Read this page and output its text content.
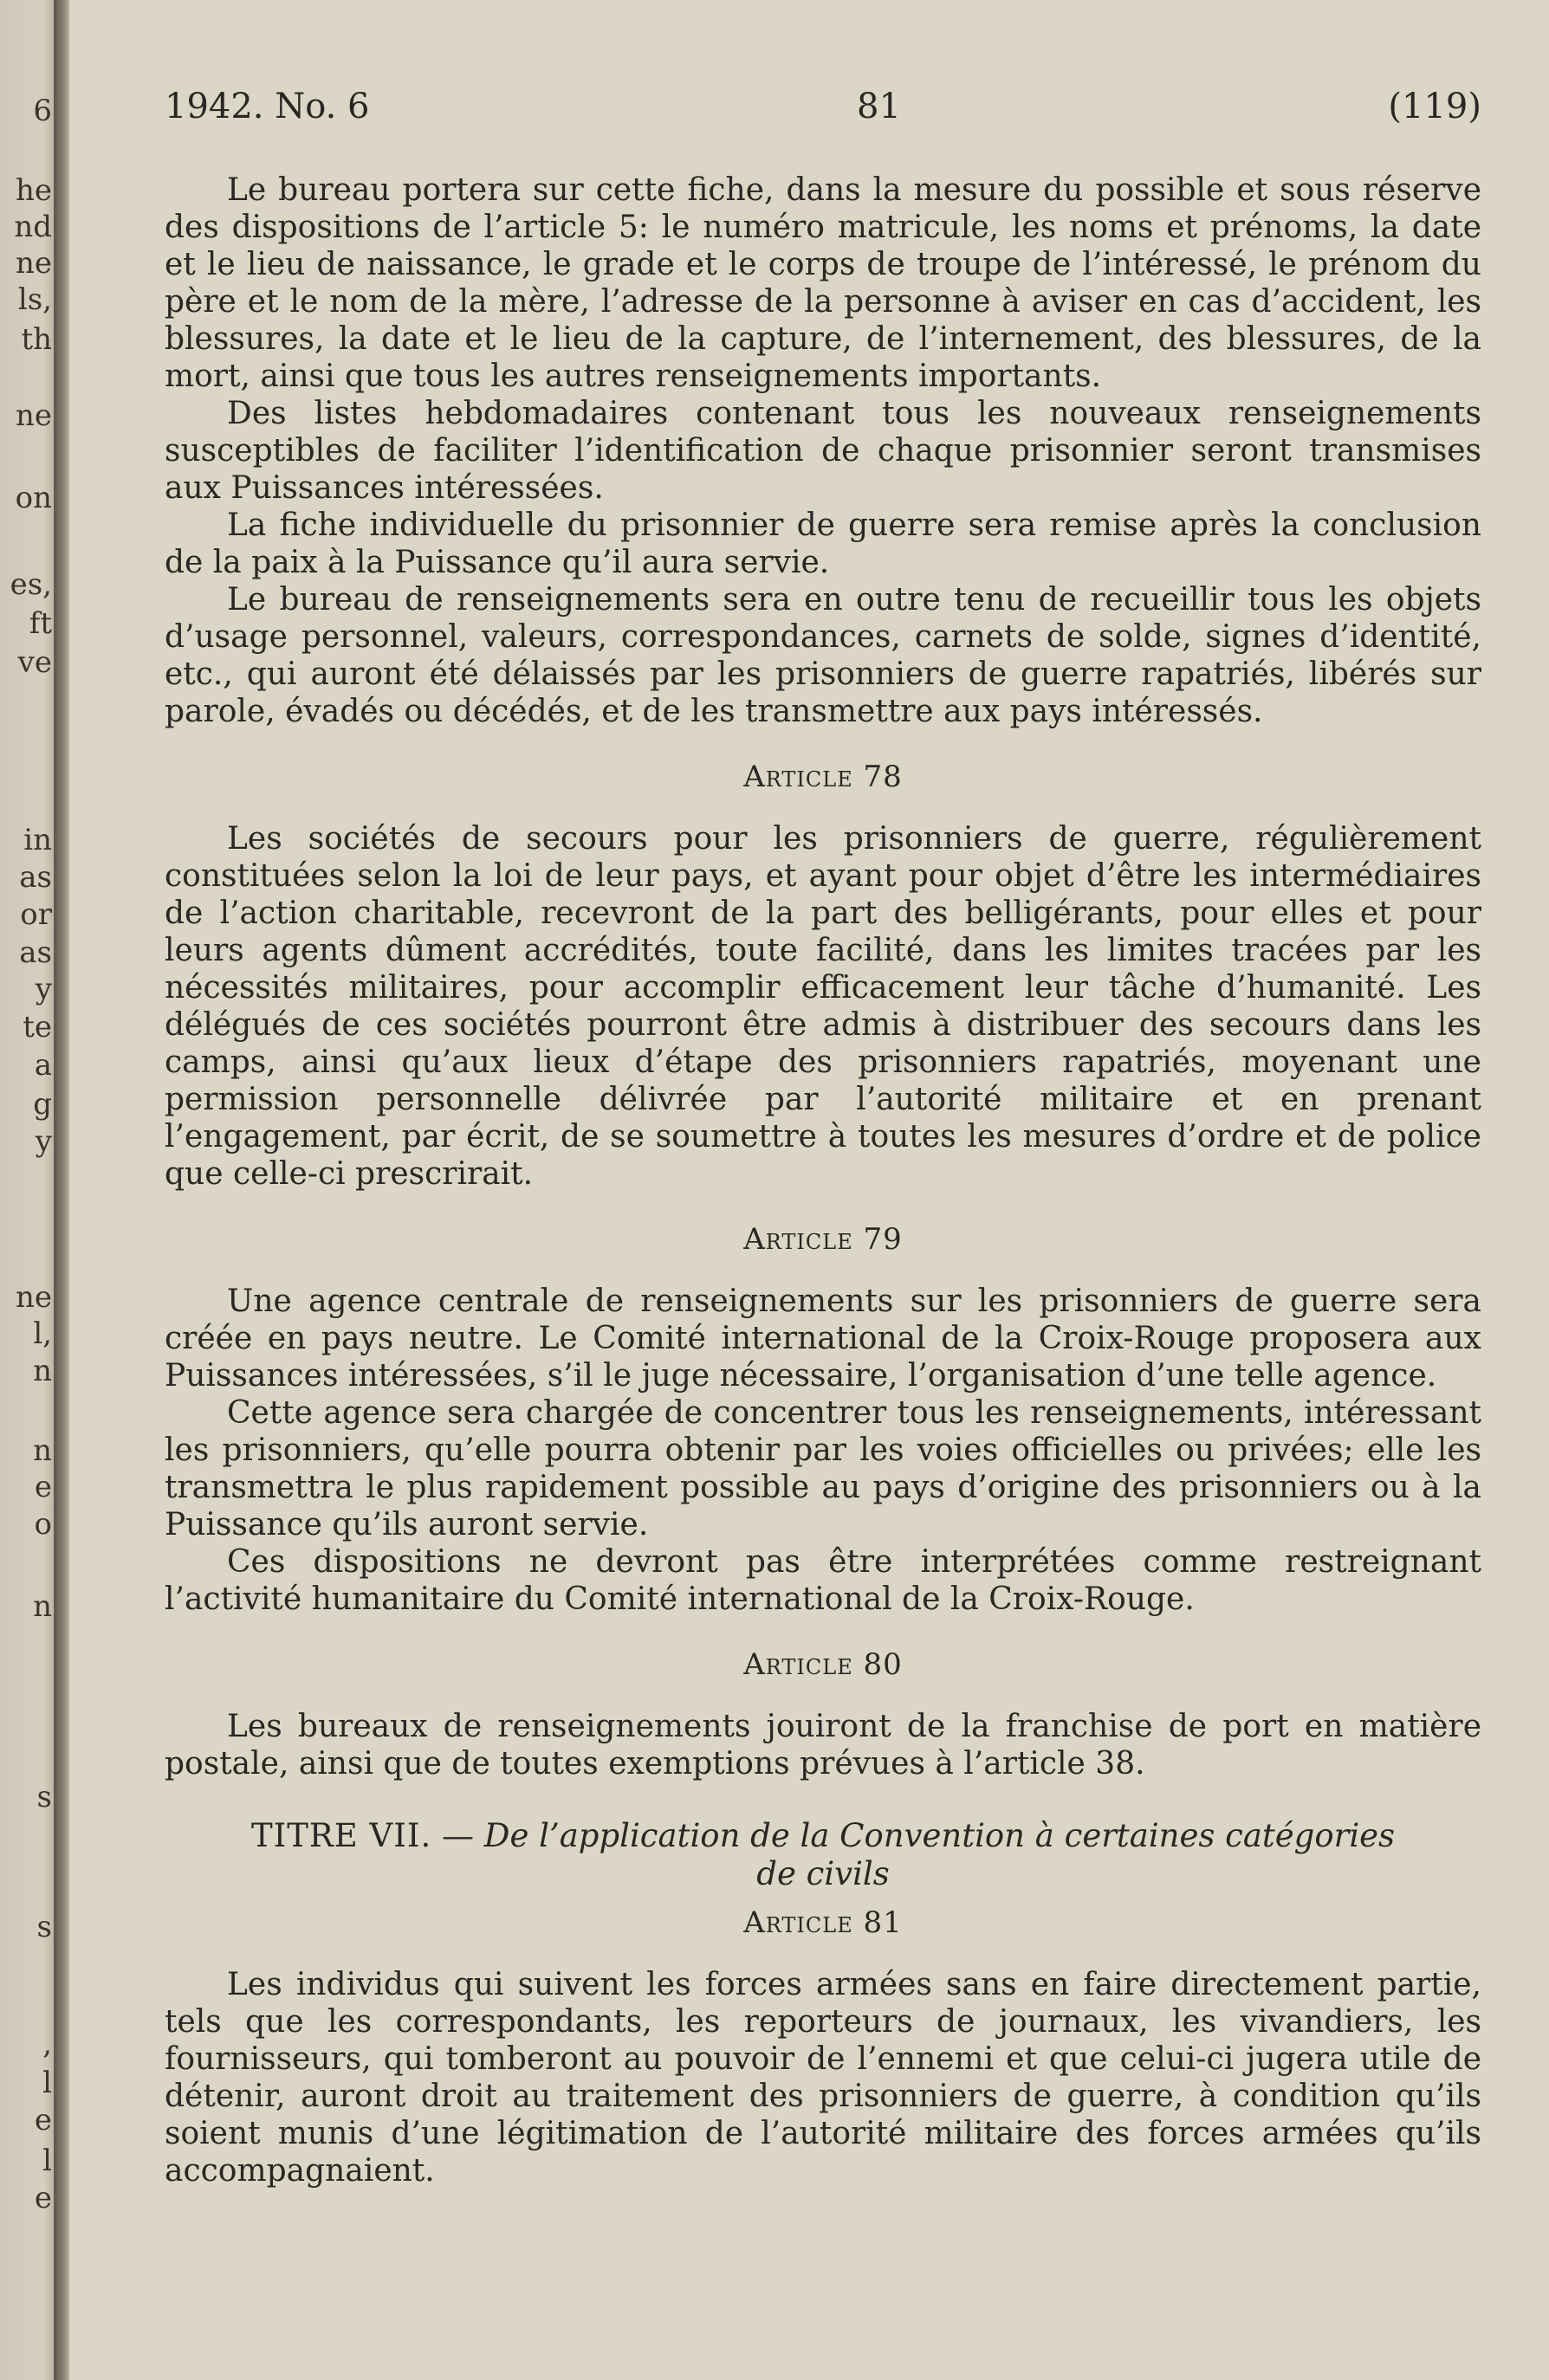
6
he
nd
ne
ls,
th
ne
on
es,
ft
ve
in
as
or
as
y
te
a
g
y
ne
l,
n
n
e
o
n
s
s
,
l
e
l
e
1942. No. 6	81	(119)

Le bureau portera sur cette fiche, dans la mesure du possible et sous réserve des dispositions de l’article 5: le numéro matricule, les noms et prénoms, la date et le lieu de naissance, le grade et le corps de troupe de l’intéressé, le prénom du père et le nom de la mère, l’adresse de la personne à aviser en cas d’accident, les blessures, la date et le lieu de la capture, de l’internement, des blessures, de la mort, ainsi que tous les autres renseignements importants.

Des listes hebdomadaires contenant tous les nouveaux renseignements susceptibles de faciliter l’identification de chaque prisonnier seront transmises aux Puissances intéressées.

La fiche individuelle du prisonnier de guerre sera remise après la conclusion de la paix à la Puissance qu’il aura servie.

Le bureau de renseignements sera en outre tenu de recueillir tous les objets d’usage personnel, valeurs, correspondances, carnets de solde, signes d’identité, etc., qui auront été délaissés par les prisonniers de guerre rapatriés, libérés sur parole, évadés ou décédés, et de les transmettre aux pays intéressés.

Article 78

Les sociétés de secours pour les prisonniers de guerre, régulièrement constituées selon la loi de leur pays, et ayant pour objet d’être les intermédiaires de l’action charitable, recevront de la part des belligérants, pour elles et pour leurs agents dûment accrédités, toute facilité, dans les limites tracées par les nécessités militaires, pour accomplir efficacement leur tâche d’humanité. Les délégués de ces sociétés pourront être admis à distribuer des secours dans les camps, ainsi qu’aux lieux d’étape des prisonniers rapatriés, moyenant une permission personnelle délivrée par l’autorité militaire et en prenant l’engagement, par écrit, de se soumettre à toutes les mesures d’ordre et de police que celle-ci prescrirait.

Article 79

Une agence centrale de renseignements sur les prisonniers de guerre sera créée en pays neutre. Le Comité international de la Croix-Rouge proposera aux Puissances intéressées, s’il le juge nécessaire, l’organisation d’une telle agence.

Cette agence sera chargée de concentrer tous les renseignements, intéressant les prisonniers, qu’elle pourra obtenir par les voies officielles ou privées; elle les transmettra le plus rapidement possible au pays d’origine des prisonniers ou à la Puissance qu’ils auront servie.

Ces dispositions ne devront pas être interprétées comme restreignant l’activité humanitaire du Comité international de la Croix-Rouge.

Article 80

Les bureaux de renseignements jouiront de la franchise de port en matière postale, ainsi que de toutes exemptions prévues à l’article 38.

TITRE VII. — De l’application de la Convention à certaines catégories
de civils
Article 81

Les individus qui suivent les forces armées sans en faire directement partie, tels que les correspondants, les reporteurs de journaux, les vivandiers, les fournisseurs, qui tomberont au pouvoir de l’ennemi et que celui-ci jugera utile de détenir, auront droit au traitement des prisonniers de guerre, à condition qu’ils soient munis d’une légitimation de l’autorité militaire des forces armées qu’ils accompagnaient.
